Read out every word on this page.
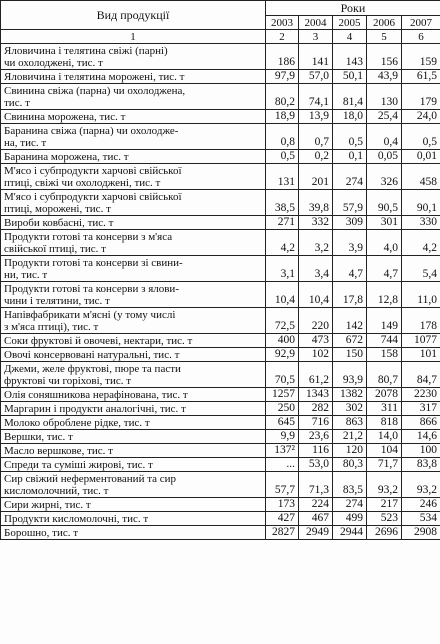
Вид продукції	Роки				
	2003	2004	2005	2006	2007
1	2	3	4	5	6

Яловичина і телятина свіжі (парні)
чи охолоджені, тис. т	186	141	143	156	159

Яловичина і телятина морожені, тис. т	97,9	57,0	50,1	43,9	61,5

Свинина свіжа (парна) чи охолоджена,
тис. т	80,2	74,1	81,4	130	179

Свинина морожена, тис. т	18,9	13,9	18,0	25,4	24,0

Баранина свіжа (парна) чи охолодже-
на, тис. т	0,8	0,7	0,5	0,4	0,5

Баранина морожена, тис. т	0,5	0,2	0,1	0,05	0,01

М'ясо і субпродукти харчові свійської
птиці, свіжі чи охолоджені, тис. т	131	201	274	326	458

М'ясо і субпродукти харчові свійської
птиці, морожені, тис. т	38,5	39,8	57,9	90,5	90,1

Вироби ковбасні, тис. т	271	332	309	301	330

Продукти готові та консерви з м'яса
свійської птиці, тис. т	4,2	3,2	3,9	4,0	4,2

Продукти готові та консерви зі свини-
ни, тис. т	3,1	3,4	4,7	4,7	5,4

Продукти готові та консерви з ялови-
чини і телятини, тис. т	10,4	10,4	17,8	12,8	11,0

Напівфабрикати м'ясні (у тому числі
з м'яса птиці), тис. т	72,5	220	142	149	178

Соки фруктові й овочеві, нектари, тис. т	400	473	672	744	1077

Овочі консервовані натуральні, тис. т	92,9	102	150	158	101

Джеми, желе фруктові, пюре та пасти
фруктові чи горіхові, тис. т	70,5	61,2	93,9	80,7	84,7

Олія соняшникова нерафінована, тис. т	1257	1343	1382	2078	2230

Маргарин і продукти аналогічні, тис. т	250	282	302	311	317

Молоко оброблене рідке, тис. т	645	716	863	818	866

Вершки, тис. т	9,9	23,6	21,2	14,0	14,6

Масло вершкове, тис. т	137²	116	120	104	100

Спреди та суміші жирові, тис. т	...	53,0	80,3	71,7	83,8

Сир свіжий неферментований та сир
кисломолочний, тис. т	57,7	71,3	83,5	93,2	93,2

Сири жирні, тис. т	173	224	274	217	246

Продукти кисломолочні, тис. т	427	467	499	523	534

Борошно, тис. т	2827	2949	2944	2696	2908
